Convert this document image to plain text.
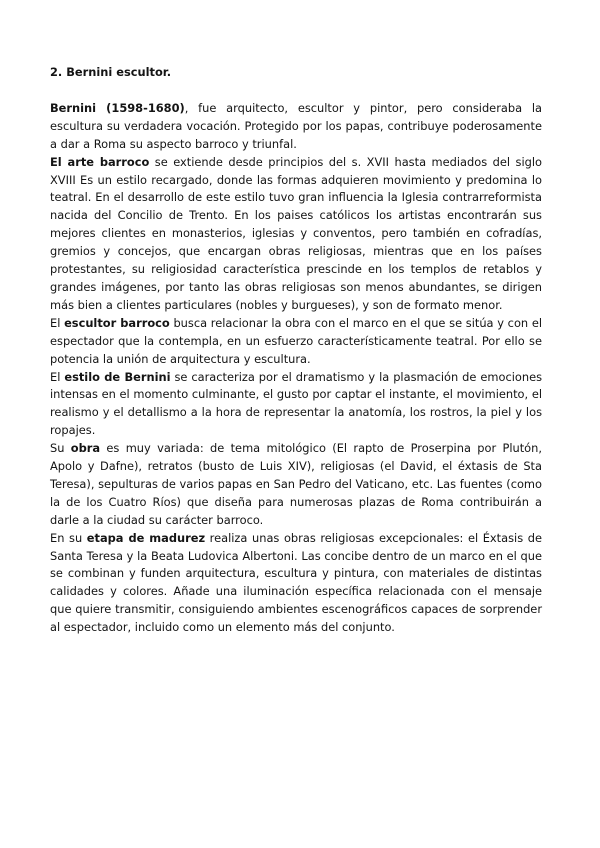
2. Bernini escultor.

Bernini (1598-1680), fue arquitecto, escultor y pintor, pero consideraba la escultura su verdadera vocación. Protegido por los papas, contribuye poderosamente a dar a Roma su aspecto barroco y triunfal.

El arte barroco se extiende desde principios del s. XVII hasta mediados del siglo XVIII Es un estilo recargado, donde las formas adquieren movimiento y predomina lo teatral. En el desarrollo de este estilo tuvo gran influencia la Iglesia contrarreformista nacida del Concilio de Trento. En los paises católicos los artistas encontrarán sus mejores clientes en monasterios, iglesias y conventos, pero también en cofradías, gremios y concejos, que encargan obras religiosas, mientras que en los países protestantes, su religiosidad característica prescinde en los templos de retablos y grandes imágenes, por tanto las obras religiosas son menos abundantes, se dirigen más bien a clientes particulares (nobles y burgueses), y son de formato menor.

El escultor barroco busca relacionar la obra con el marco en el que se sitúa y con el espectador que la contempla, en un esfuerzo característicamente teatral. Por ello se potencia la unión de arquitectura y escultura.

El estilo de Bernini se caracteriza por el dramatismo y la plasmación de emociones intensas en el momento culminante, el gusto por captar el instante, el movimiento, el realismo y el detallismo a la hora de representar la anatomía, los rostros, la piel y los ropajes.

Su obra es muy variada: de tema mitológico (El rapto de Proserpina por Plutón, Apolo y Dafne), retratos (busto de Luis XIV), religiosas (el David, el éxtasis de Sta Teresa), sepulturas de varios papas en San Pedro del Vaticano, etc. Las fuentes (como la de los Cuatro Ríos) que diseña para numerosas plazas de Roma contribuirán a darle a la ciudad su carácter barroco.

En su etapa de madurez realiza unas obras religiosas excepcionales: el Éxtasis de Santa Teresa y la Beata Ludovica Albertoni. Las concibe dentro de un marco en el que se combinan y funden arquitectura, escultura y pintura, con materiales de distintas calidades y colores. Añade una iluminación específica relacionada con el mensaje que quiere transmitir, consiguiendo ambientes escenográficos capaces de sorprender al espectador, incluido como un elemento más del conjunto.
